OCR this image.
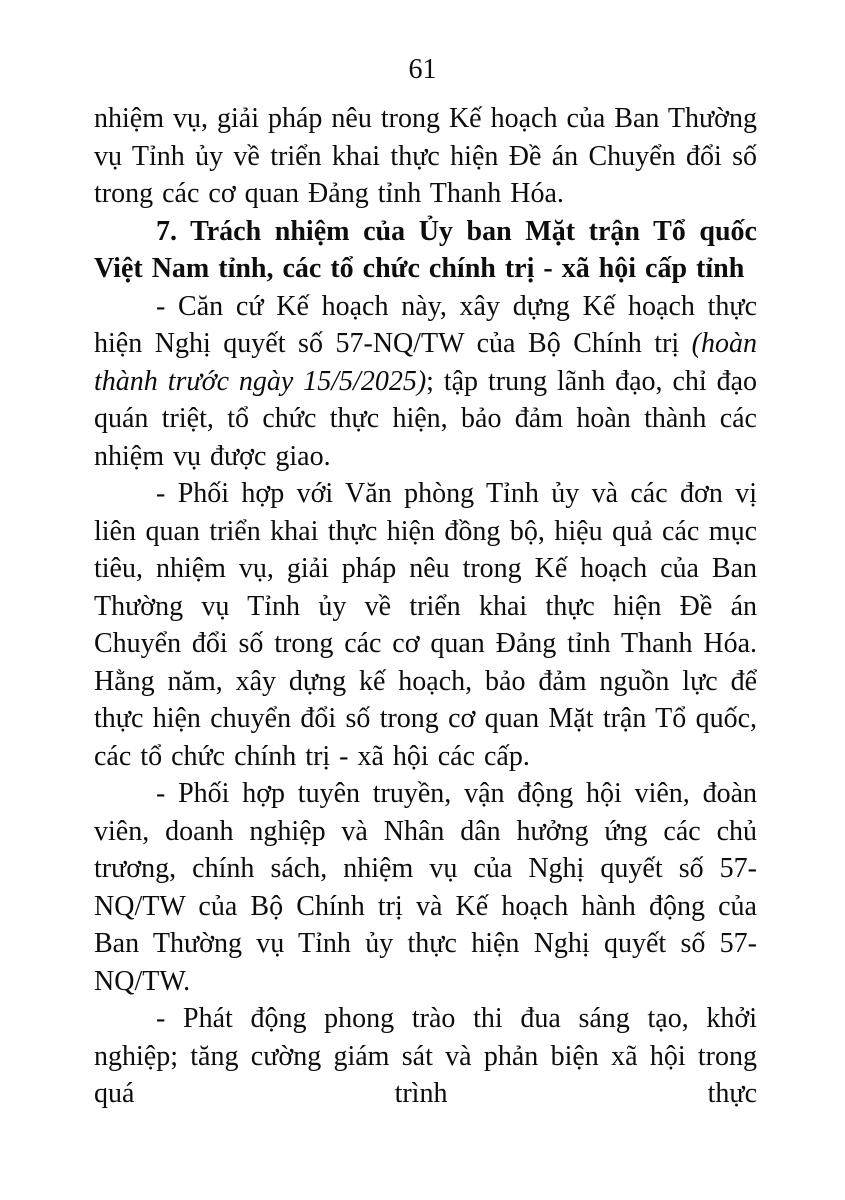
61

nhiệm vụ, giải pháp nêu trong Kế hoạch của Ban Thường vụ Tỉnh ủy về triển khai thực hiện Đề án Chuyển đổi số trong các cơ quan Đảng tỉnh Thanh Hóa.

7. Trách nhiệm của Ủy ban Mặt trận Tổ quốc Việt Nam tỉnh, các tổ chức chính trị - xã hội cấp tỉnh

- Căn cứ Kế hoạch này, xây dựng Kế hoạch thực hiện Nghị quyết số 57-NQ/TW của Bộ Chính trị (hoàn thành trước ngày 15/5/2025); tập trung lãnh đạo, chỉ đạo quán triệt, tổ chức thực hiện, bảo đảm hoàn thành các nhiệm vụ được giao.

- Phối hợp với Văn phòng Tỉnh ủy và các đơn vị liên quan triển khai thực hiện đồng bộ, hiệu quả các mục tiêu, nhiệm vụ, giải pháp nêu trong Kế hoạch của Ban Thường vụ Tỉnh ủy về triển khai thực hiện Đề án Chuyển đổi số trong các cơ quan Đảng tỉnh Thanh Hóa. Hằng năm, xây dựng kế hoạch, bảo đảm nguồn lực để thực hiện chuyển đổi số trong cơ quan Mặt trận Tổ quốc, các tổ chức chính trị - xã hội các cấp.

- Phối hợp tuyên truyền, vận động hội viên, đoàn viên, doanh nghiệp và Nhân dân hưởng ứng các chủ trương, chính sách, nhiệm vụ của Nghị quyết số 57-NQ/TW của Bộ Chính trị và Kế hoạch hành động của Ban Thường vụ Tỉnh ủy thực hiện Nghị quyết số 57-NQ/TW.

- Phát động phong trào thi đua sáng tạo, khởi nghiệp; tăng cường giám sát và phản biện xã hội trong quá trình thực
